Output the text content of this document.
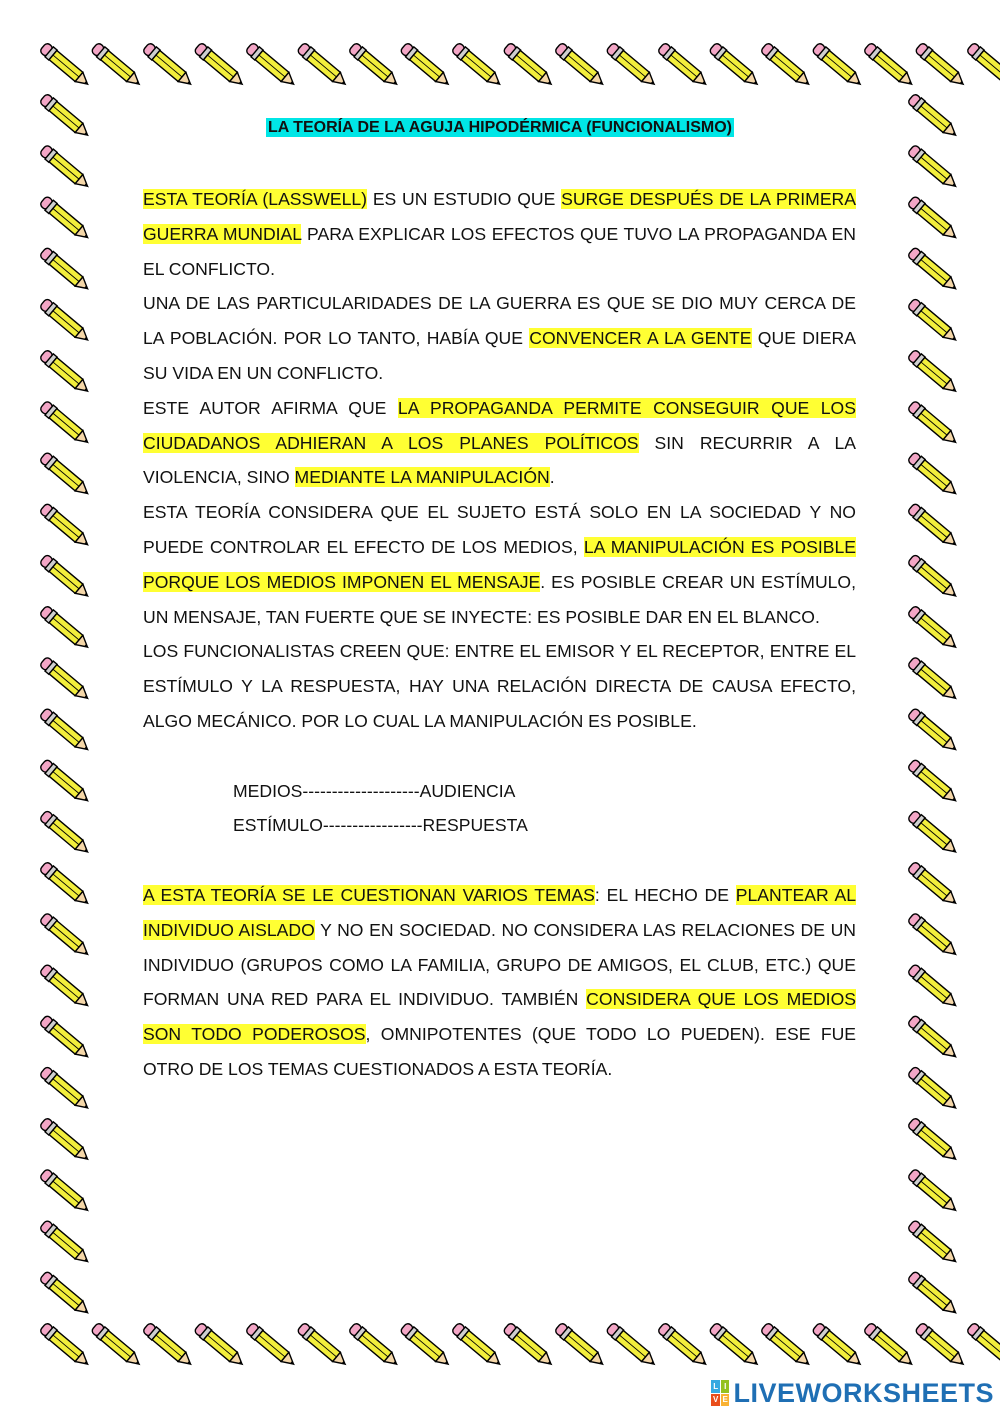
LA TEORÍA DE LA AGUJA HIPODÉRMICA (FUNCIONALISMO)

ESTA TEORÍA (LASSWELL) ES UN ESTUDIO QUE SURGE DESPUÉS DE LA PRIMERA GUERRA MUNDIAL PARA EXPLICAR LOS EFECTOS QUE TUVO LA PROPAGANDA EN EL CONFLICTO.

UNA DE LAS PARTICULARIDADES DE LA GUERRA ES QUE SE DIO MUY CERCA DE LA POBLACIÓN. POR LO TANTO, HABÍA QUE CONVENCER A LA GENTE QUE DIERA SU VIDA EN UN CONFLICTO.

ESTE AUTOR AFIRMA QUE LA PROPAGANDA PERMITE CONSEGUIR QUE LOS CIUDADANOS ADHIERAN A LOS PLANES POLÍTICOS SIN RECURRIR A LA VIOLENCIA, SINO MEDIANTE LA MANIPULACIÓN.

ESTA TEORÍA CONSIDERA QUE EL SUJETO ESTÁ SOLO EN LA SOCIEDAD Y NO PUEDE CONTROLAR EL EFECTO DE LOS MEDIOS, LA MANIPULACIÓN ES POSIBLE PORQUE LOS MEDIOS IMPONEN EL MENSAJE. ES POSIBLE CREAR UN ESTÍMULO, UN MENSAJE, TAN FUERTE QUE SE INYECTE: ES POSIBLE DAR EN EL BLANCO.

LOS FUNCIONALISTAS CREEN QUE: ENTRE EL EMISOR Y EL RECEPTOR, ENTRE EL ESTÍMULO Y LA RESPUESTA, HAY UNA RELACIÓN DIRECTA DE CAUSA EFECTO, ALGO MECÁNICO. POR LO CUAL LA MANIPULACIÓN ES POSIBLE.

MEDIOS--------------------AUDIENCIA
ESTÍMULO-----------------RESPUESTA

A ESTA TEORÍA SE LE CUESTIONAN VARIOS TEMAS: EL HECHO DE PLANTEAR AL INDIVIDUO AISLADO Y NO EN SOCIEDAD. NO CONSIDERA LAS RELACIONES DE UN INDIVIDUO (GRUPOS COMO LA FAMILIA, GRUPO DE AMIGOS, EL CLUB, ETC.) QUE FORMAN UNA RED PARA EL INDIVIDUO. TAMBIÉN CONSIDERA QUE LOS MEDIOS SON TODO PODEROSOS, OMNIPOTENTES (QUE TODO LO PUEDEN). ESE FUE OTRO DE LOS TEMAS CUESTIONADOS A ESTA TEORÍA.

L I
V E LIVEWORKSHEETS
